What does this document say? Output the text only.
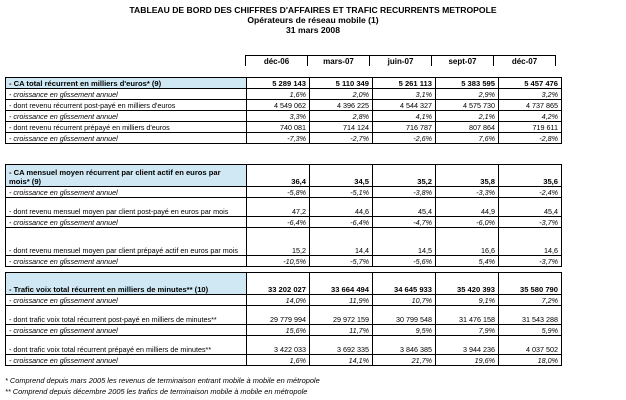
TABLEAU DE BORD DES CHIFFRES D'AFFAIRES ET TRAFIC RECURRENTS METROPOLE
Opérateurs de réseau mobile (1)
31 mars 2008
déc-06	mars-07	juin-07	sept-07	déc-07
- CA total récurrent en milliers d'euros* (9)	5 289 143	5 110 349	5 261 113	5 383 595	5 457 476
- croissance en glissement annuel	1,6%	2,0%	3,1%	2,9%	3,2%
- dont revenu récurrent post-payé en milliers d'euros	4 549 062	4 396 225	4 544 327	4 575 730	4 737 865
- croissance en glissement annuel	3,3%	2,8%	4,1%	2,1%	4,2%
- dont revenu récurrent prépayé en milliers d'euros	740 081	714 124	716 787	807 864	719 611
- croissance en glissement annuel	-7,3%	-2,7%	-2,6%	7,6%	-2,8%
- CA mensuel moyen récurrent par client actif en euros par mois* (9)	36,4	34,5	35,2	35,8	35,6
- croissance en glissement annuel	-5,8%	-5,1%	-3,8%	-3,3%	-2,4%
- dont revenu mensuel moyen par client post-payé en euros par mois	47,2	44,6	45,4	44,9	45,4
- croissance en glissement annuel	-6,4%	-6,4%	-4,7%	-6,0%	-3,7%
- dont revenu mensuel moyen par client prépayé actif en euros par mois	15,2	14,4	14,5	16,6	14,6
- croissance en glissement annuel	-10,5%	-5,7%	-5,6%	5,4%	-3,7%
- Trafic voix total récurrent en milliers de minutes** (10)	33 202 027	33 664 494	34 645 933	35 420 393	35 580 790
- croissance en glissement annuel	14,0%	11,9%	10,7%	9,1%	7,2%
- dont trafic voix total récurrent post-payé en milliers de minutes**	29 779 994	29 972 159	30 799 548	31 476 158	31 543 288
- croissance en glissement annuel	15,6%	11,7%	9,5%	7,9%	5,9%
- dont trafic voix total récurrent prépayé en milliers de minutes**	3 422 033	3 692 335	3 846 385	3 944 236	4 037 502
- croissance en glissement annuel	1,6%	14,1%	21,7%	19,6%	18,0%
* Comprend depuis mars 2005 les revenus de terminaison entrant mobile à mobile en métropole
** Comprend depuis décembre 2005 les trafics de terminaison mobile à mobile en métropole
